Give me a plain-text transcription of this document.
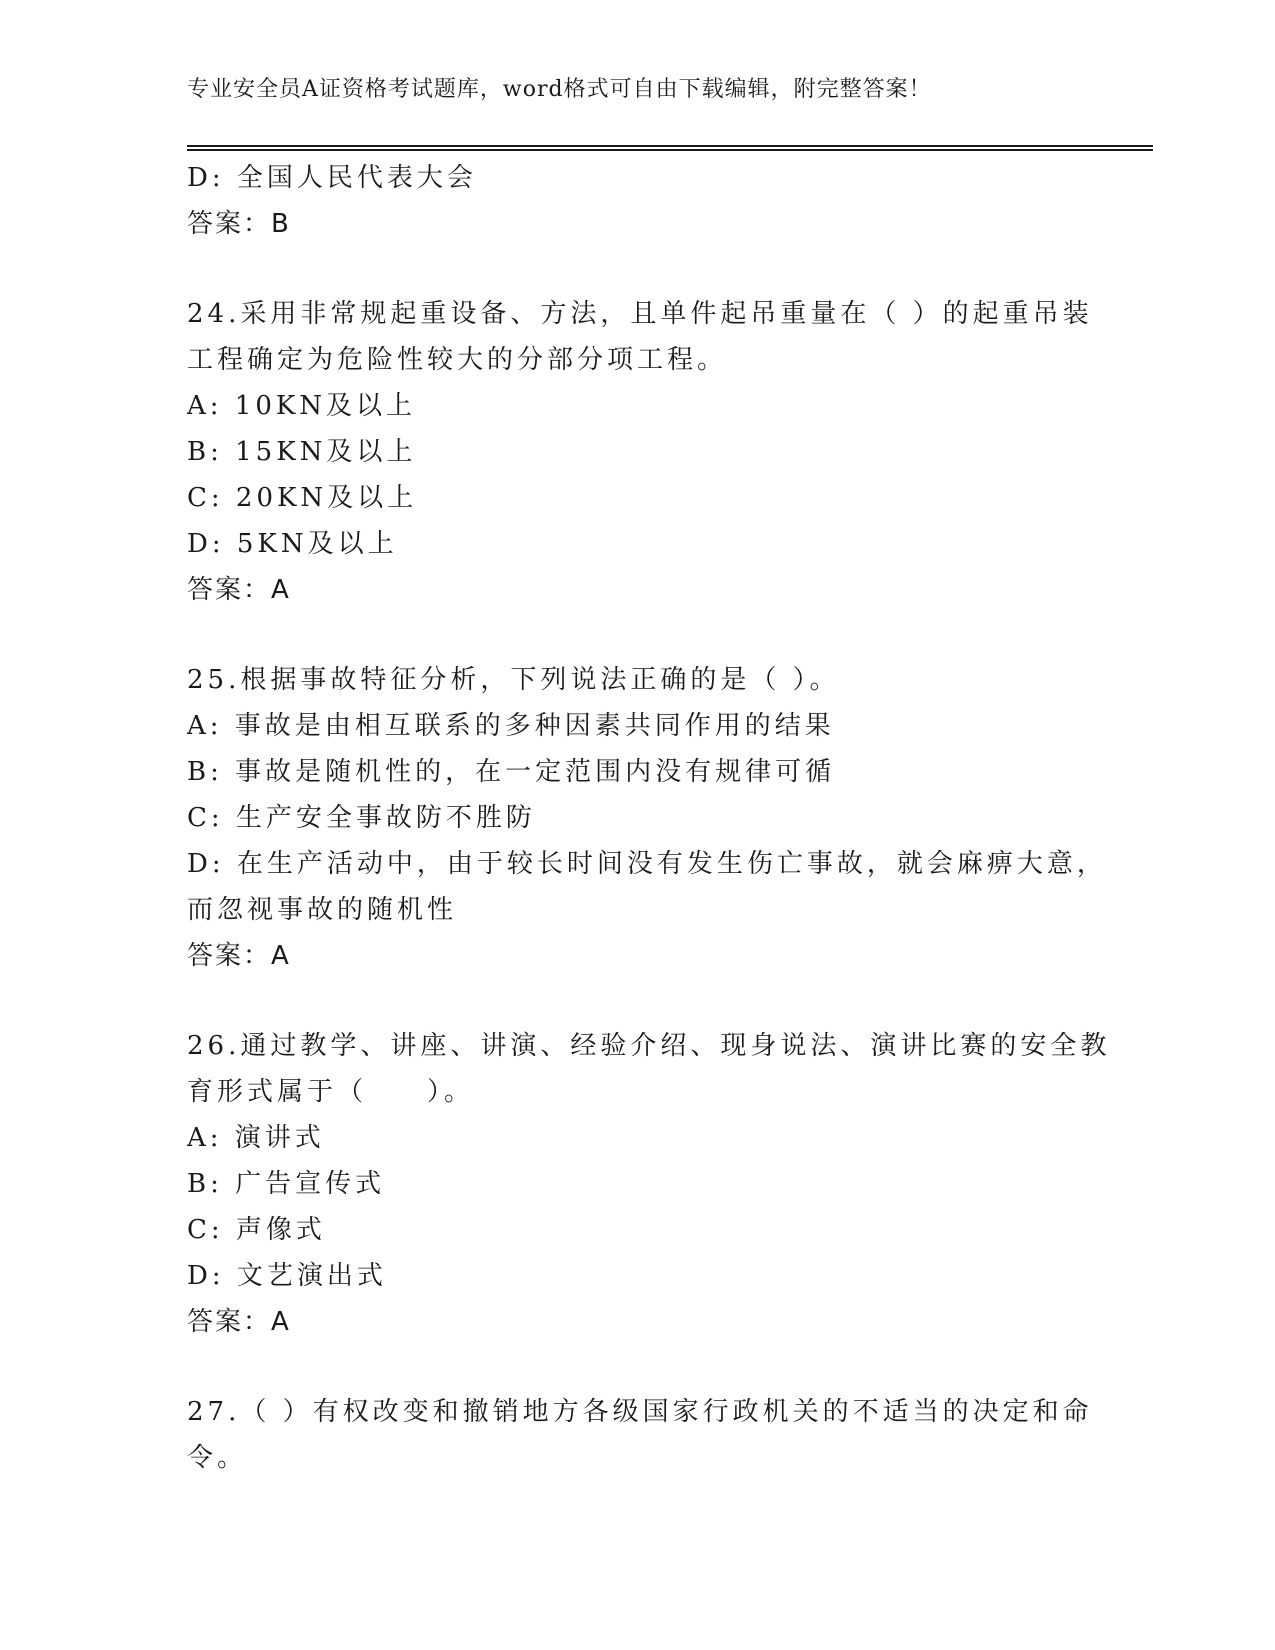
专业安全员A证资格考试题库，word格式可自由下载编辑，附完整答案！
D: 全国人民代表大会
答案：B
24.采用非常规起重设备、方法，且单件起吊重量在（ ）的起重吊装
工程确定为危险性较大的分部分项工程。
A: 10KN及以上
B: 15KN及以上
C: 20KN及以上
D: 5KN及以上
答案：A
25.根据事故特征分析，下列说法正确的是（ ）。
A: 事故是由相互联系的多种因素共同作用的结果
B: 事故是随机性的，在一定范围内没有规律可循
C: 生产安全事故防不胜防
D: 在生产活动中，由于较长时间没有发生伤亡事故，就会麻痹大意，
而忽视事故的随机性
答案：A
26.通过教学、讲座、讲演、经验介绍、现身说法、演讲比赛的安全教
育形式属于（　　）。
A: 演讲式
B: 广告宣传式
C: 声像式
D: 文艺演出式
答案：A
27.（ ）有权改变和撤销地方各级国家行政机关的不适当的决定和命
令。
